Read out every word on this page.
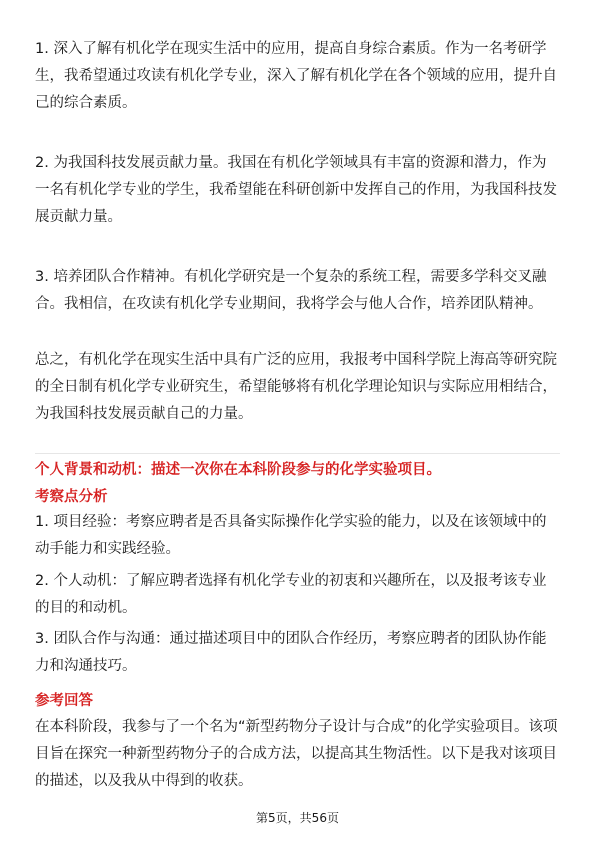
1. 深入了解有机化学在现实生活中的应用，提高自身综合素质。作为一名考研学生，我希望通过攻读有机化学专业，深入了解有机化学在各个领域的应用，提升自己的综合素质。

2. 为我国科技发展贡献力量。我国在有机化学领域具有丰富的资源和潜力，作为一名有机化学专业的学生，我希望能在科研创新中发挥自己的作用，为我国科技发展贡献力量。

3. 培养团队合作精神。有机化学研究是一个复杂的系统工程，需要多学科交叉融合。我相信，在攻读有机化学专业期间，我将学会与他人合作，培养团队精神。

总之，有机化学在现实生活中具有广泛的应用，我报考中国科学院上海高等研究院的全日制有机化学专业研究生，希望能够将有机化学理论知识与实际应用相结合，为我国科技发展贡献自己的力量。

个人背景和动机：描述一次你在本科阶段参与的化学实验项目。

考察点分析

1. 项目经验：考察应聘者是否具备实际操作化学实验的能力，以及在该领域中的动手能力和实践经验。

2. 个人动机：了解应聘者选择有机化学专业的初衷和兴趣所在，以及报考该专业的目的和动机。

3. 团队合作与沟通：通过描述项目中的团队合作经历，考察应聘者的团队协作能力和沟通技巧。

参考回答

在本科阶段，我参与了一个名为“新型药物分子设计与合成”的化学实验项目。该项目旨在探究一种新型药物分子的合成方法，以提高其生物活性。以下是我对该项目的描述，以及我从中得到的收获。

第5页，共56页
